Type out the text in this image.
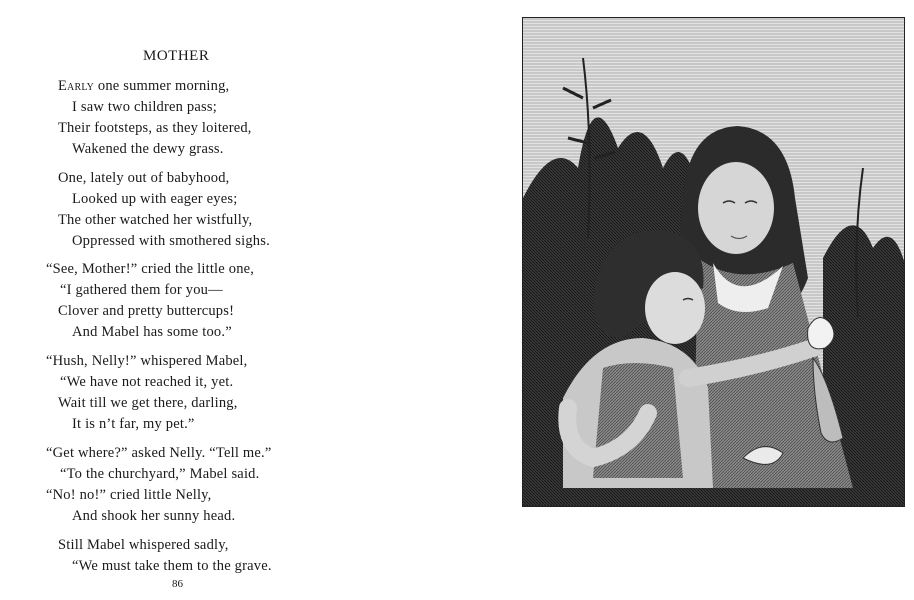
MOTHER
Early one summer morning,
I saw two children pass;
Their footsteps, as they loitered,
Wakened the dewy grass.
One, lately out of babyhood,
Looked up with eager eyes;
The other watched her wistfully,
Oppressed with smothered sighs.
“See, Mother!” cried the little one,
“I gathered them for you—
Clover and pretty buttercups!
And Mabel has some too.”
“Hush, Nelly!” whispered Mabel,
“We have not reached it, yet.
Wait till we get there, darling,
It is n’t far, my pet.”
“Get where?” asked Nelly. “Tell me.”
“To the churchyard,” Mabel said.
“No! no!” cried little Nelly,
And shook her sunny head.
Still Mabel whispered sadly,
“We must take them to the grave.
86
